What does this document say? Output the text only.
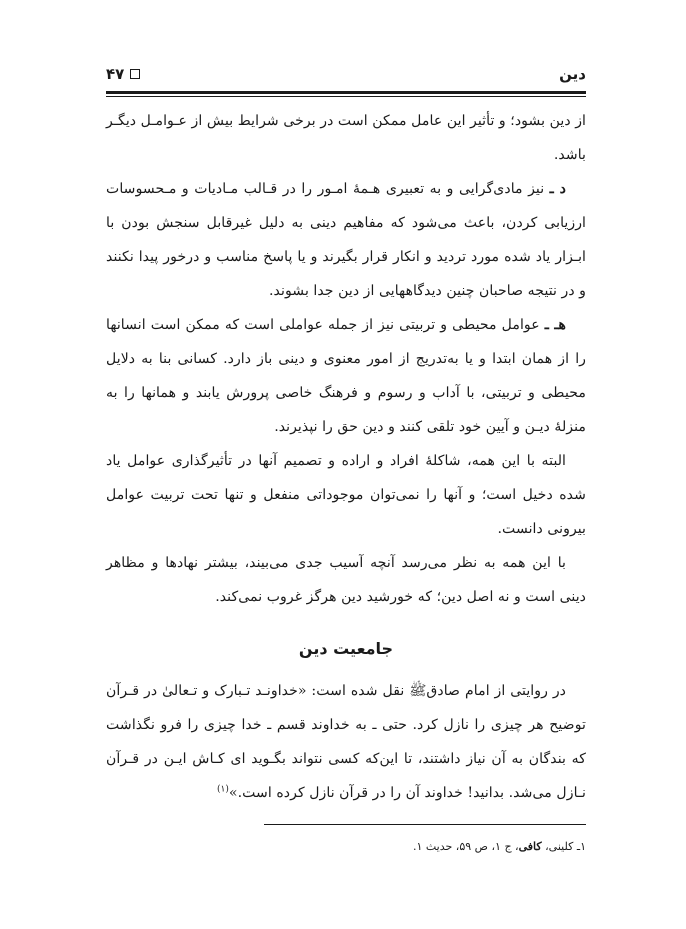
۴۷	دین

از دین بشود؛ و تأثیر این عامل ممکن است در برخی شرایط بیش از عـوامـل دیگـر باشد.

د ـ نیز مادی‌گرایی و به تعبیری هـمهٔ امـور را در قـالب مـادیات و مـحسوسات ارزیابی کردن، باعث می‌شود که مفاهیم دینی به دلیل غیرقابل سنجش بودن با ابـزار یاد شده مورد تردید و انکار قرار بگیرند و یا پاسخ مناسب و درخور پیدا نکنند و در نتیجه صاحبان چنین دیدگاههایی از دین جدا بشوند.

هـ ـ عوامل محیطی و تربیتی نیز از جمله عواملی است که ممکن است انسانها را از همان ابتدا و یا به‌تدریج از امور معنوی و دینی باز دارد. کسانی بنا به دلایل محیطی و تربیتی، با آداب و رسوم و فرهنگ خاصی پرورش یابند و همانها را به منزلهٔ دیـن و آیین خود تلقی کنند و دین حق را نپذیرند.

البته با این همه، شاکلهٔ افراد و اراده و تصمیم آنها در تأثیرگذاری عوامل یاد شده دخیل است؛ و آنها را نمی‌توان موجوداتی منفعل و تنها تحت تربیت عوامل بیرونی دانست.

با این همه به نظر می‌رسد آنچه آسیب جدی می‌بیند، بیشتر نهادها و مظاهر دینی است و نه اصل دین؛ که خورشید دین هرگز غروب نمی‌کند.

جامعیت دین

در روایتی از امام صادقﷺ نقل شده است: «خداونـد تـبارک و تـعالیٰ در قـرآن توضیح هر چیزی را نازل کرد. حتی ـ به خداوند قسم ـ خدا چیزی را فرو نگذاشت که بندگان به آن نیاز داشتند، تا این‌که کسی نتواند بگـوید ای کـاش ایـن در قـرآن نـازل می‌شد. بدانید! خداوند آن را در قرآن نازل کرده است.»$^{(۱)}$

۱ـ کلینی، کافی، ج ۱، ص ۵۹، حدیث ۱.
